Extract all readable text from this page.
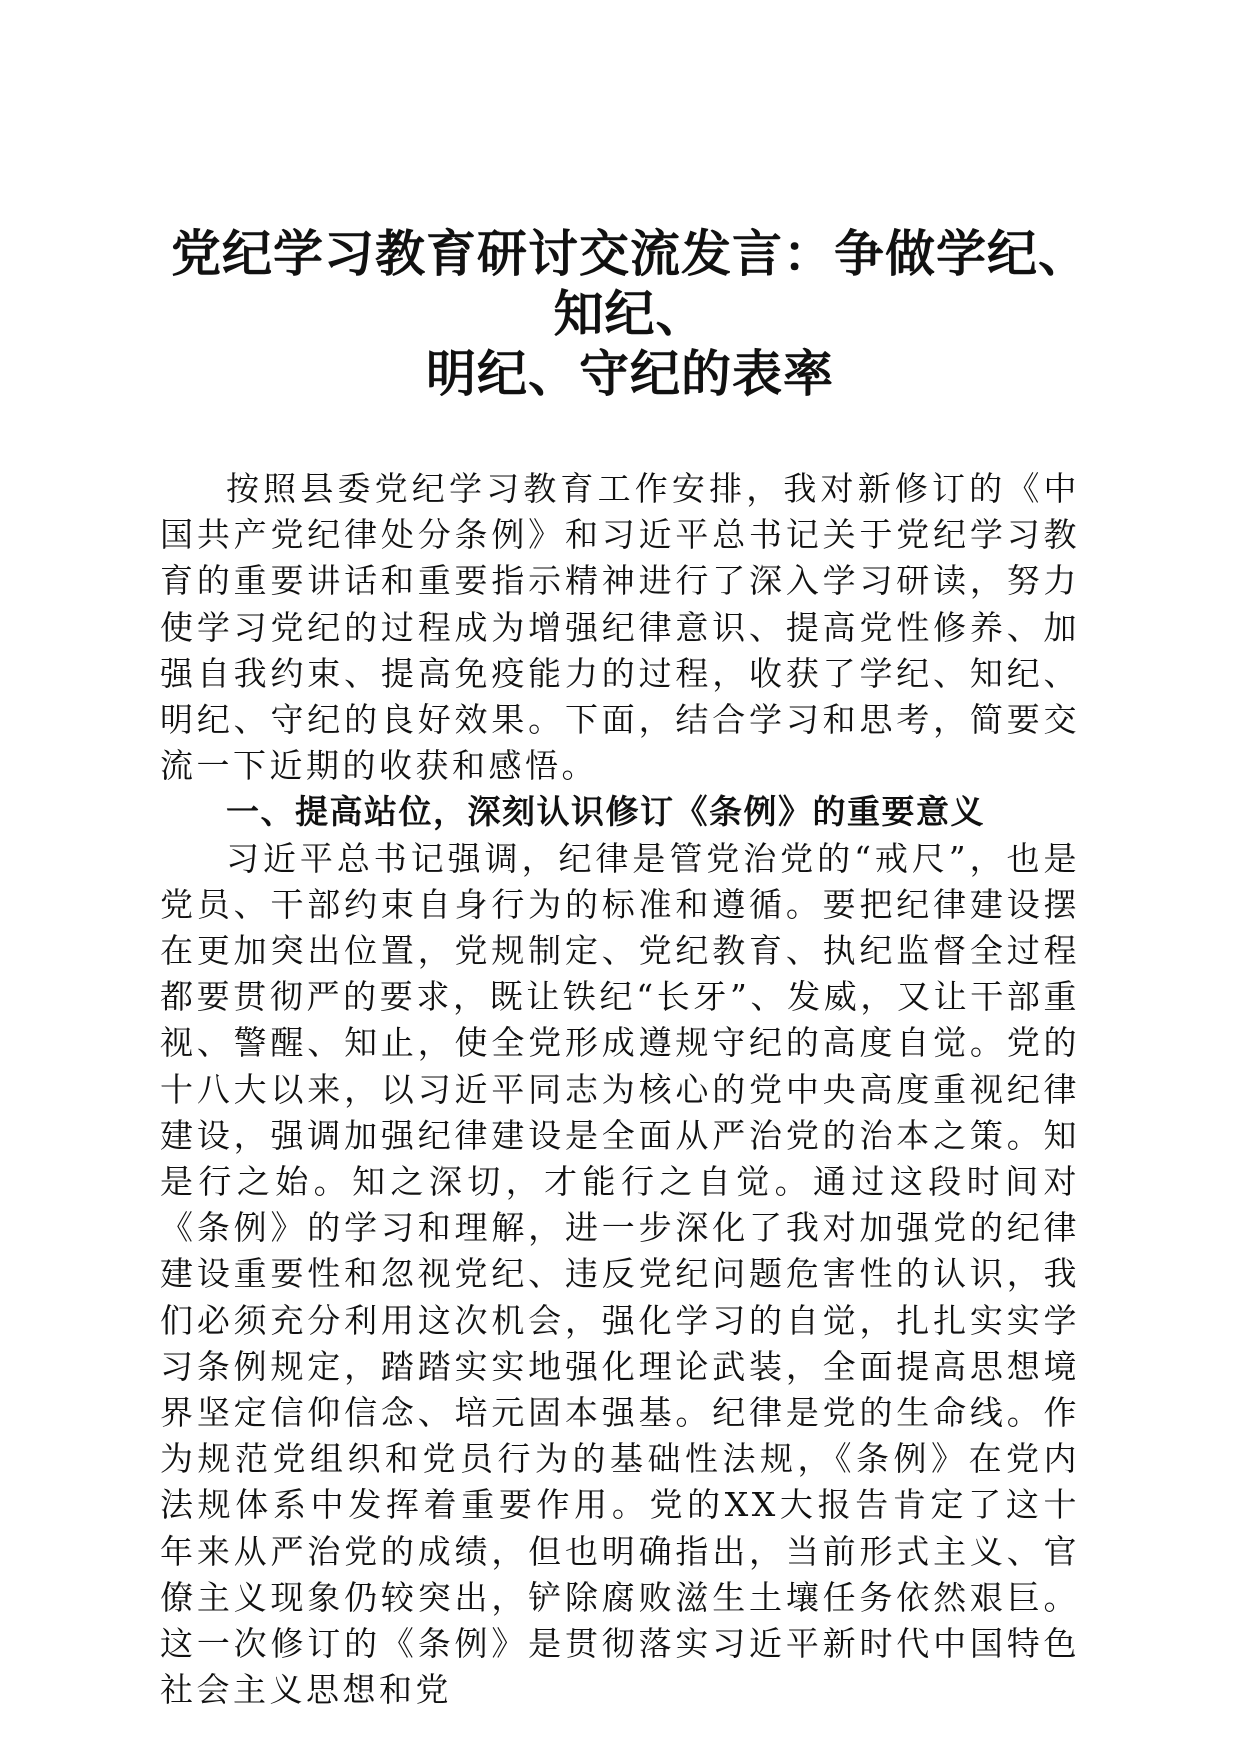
党纪学习教育研讨交流发言：争做学纪、知纪、
明纪、守纪的表率

按照县委党纪学习教育工作安排，我对新修订的《中国共产党纪律处分条例》和习近平总书记关于党纪学习教育的重要讲话和重要指示精神进行了深入学习研读，努力使学习党纪的过程成为增强纪律意识、提高党性修养、加强自我约束、提高免疫能力的过程，收获了学纪、知纪、明纪、守纪的良好效果。下面，结合学习和思考，简要交流一下近期的收获和感悟。

一、提高站位，深刻认识修订《条例》的重要意义

习近平总书记强调，纪律是管党治党的“戒尺”，也是党员、干部约束自身行为的标准和遵循。要把纪律建设摆在更加突出位置，党规制定、党纪教育、执纪监督全过程都要贯彻严的要求，既让铁纪“长牙”、发威，又让干部重视、警醒、知止，使全党形成遵规守纪的高度自觉。党的十八大以来，以习近平同志为核心的党中央高度重视纪律建设，强调加强纪律建设是全面从严治党的治本之策。知是行之始。知之深切，才能行之自觉。通过这段时间对《条例》的学习和理解，进一步深化了我对加强党的纪律建设重要性和忽视党纪、违反党纪问题危害性的认识，我们必须充分利用这次机会，强化学习的自觉，扎扎实实学习条例规定，踏踏实实地强化理论武装，全面提高思想境界坚定信仰信念、培元固本强基。纪律是党的生命线。作为规范党组织和党员行为的基础性法规，《条例》在党内法规体系中发挥着重要作用。党的XX大报告肯定了这十年来从严治党的成绩，但也明确指出，当前形式主义、官僚主义现象仍较突出，铲除腐败滋生土壤任务依然艰巨。这一次修订的《条例》是贯彻落实习近平新时代中国特色社会主义思想和党
